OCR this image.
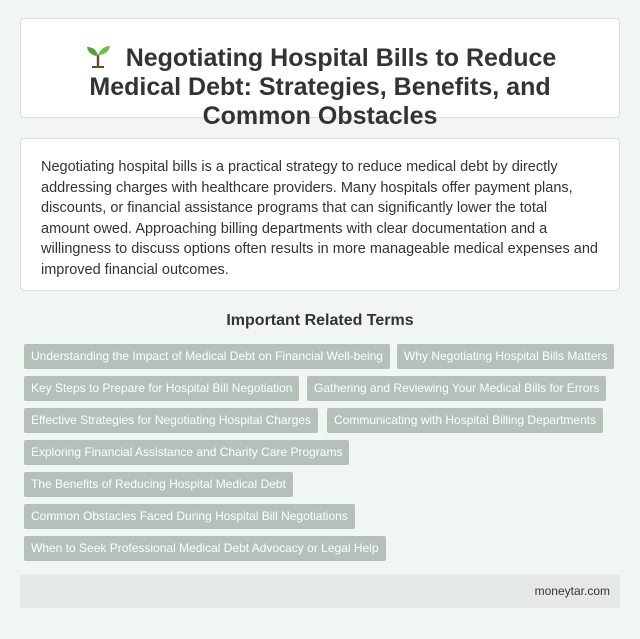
Negotiating Hospital Bills to Reduce Medical Debt: Strategies, Benefits, and Common Obstacles

Negotiating hospital bills is a practical strategy to reduce medical debt by directly addressing charges with healthcare providers. Many hospitals offer payment plans, discounts, or financial assistance programs that can significantly lower the total amount owed. Approaching billing departments with clear documentation and a willingness to discuss options often results in more manageable medical expenses and improved financial outcomes.

Important Related Terms
Understanding the Impact of Medical Debt on Financial Well-being	Why Negotiating Hospital Bills Matters
Key Steps to Prepare for Hospital Bill Negotiation	Gathering and Reviewing Your Medical Bills for Errors
Effective Strategies for Negotiating Hospital Charges	Communicating with Hospital Billing Departments
Exploring Financial Assistance and Charity Care Programs
The Benefits of Reducing Hospital Medical Debt
Common Obstacles Faced During Hospital Bill Negotiations
When to Seek Professional Medical Debt Advocacy or Legal Help
moneytar.com
